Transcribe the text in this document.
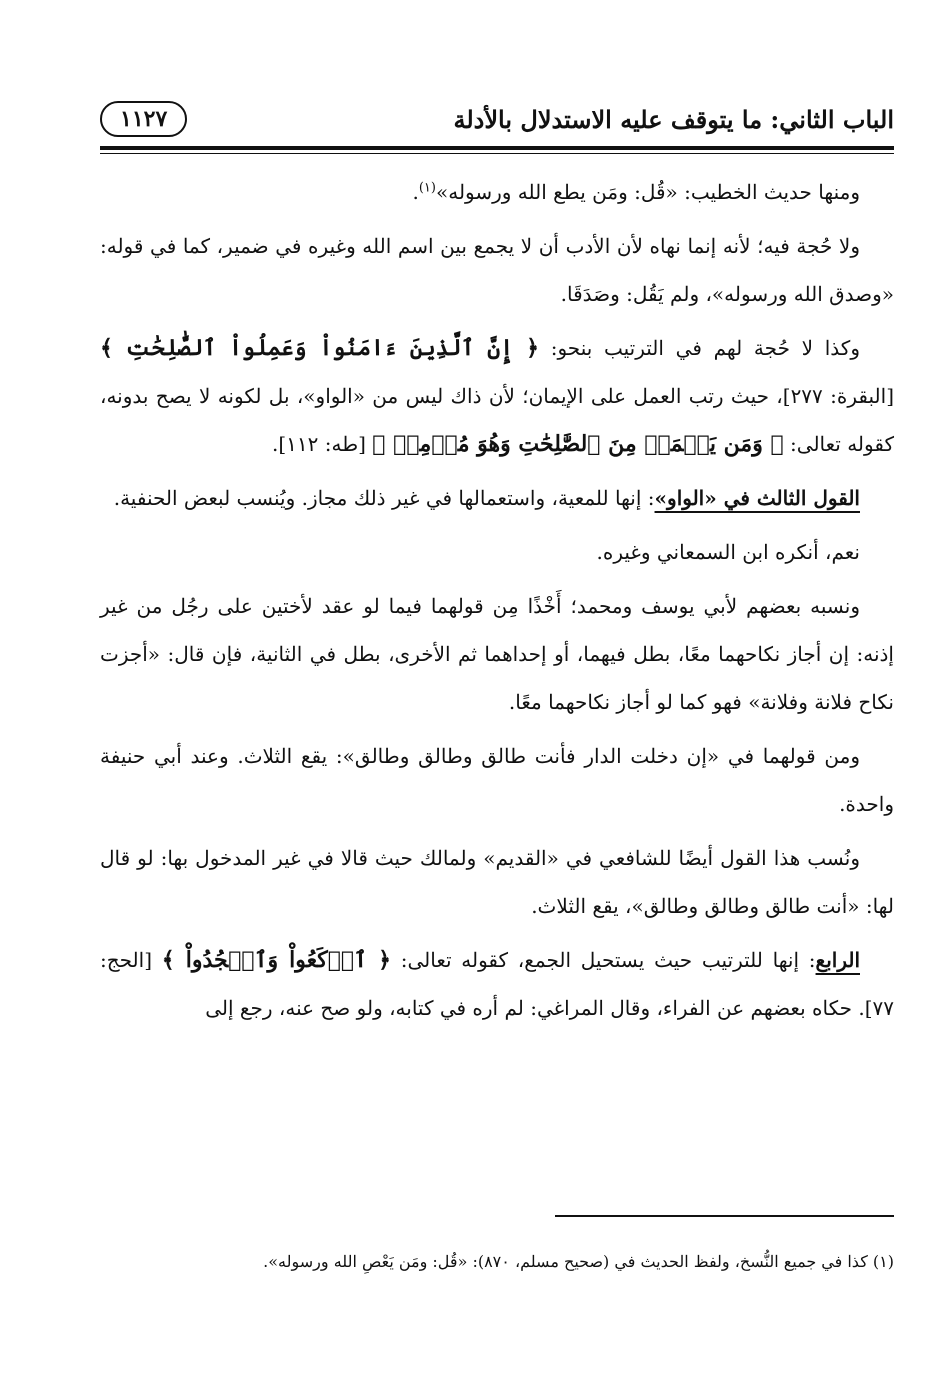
الباب الثاني: ما يتوقف عليه الاستدلال بالأدلة
١١٢٧

ومنها حديث الخطيب: «قُل: ومَن يطع الله ورسوله»$^{(١)}$.

ولا حُجة فيه؛ لأنه إنما نهاه لأن الأدب أن لا يجمع بين اسم الله وغيره في ضمير، كما في قوله: «وصدق الله ورسوله»، ولم يَقُل: وصَدَقَا.

وكذا لا حُجة لهم في الترتيب بنحو: ﴿ إِنَّ ٱلَّذِينَ ءَامَنُواْ وَعَمِلُواْ ٱلصَّٰلِحَٰتِ ﴾ [البقرة: ٢٧٧]، حيث رتب العمل على الإيمان؛ لأن ذاك ليس من «الواو»، بل لكونه لا يصح بدونه، كقوله تعالى: ﴿ وَمَن يَعۡمَلۡ مِنَ ٱلصَّٰلِحَٰتِ وَهُوَ مُؤۡمِنٞ ﴾ [طه: ١١٢].

القول الثالث في «الواو»: إنها للمعية، واستعمالها في غير ذلك مجاز. ويُنسب لبعض الحنفية.

نعم، أنكره ابن السمعاني وغيره.

ونسبه بعضهم لأبي يوسف ومحمد؛ أَخْذًا مِن قولهما فيما لو عقد لأختين على رجُل من غير إذنه: إن أجاز نكاحهما معًا، بطل فيهما، أو إحداهما ثم الأخرى، بطل في الثانية، فإن قال: «أجزت نكاح فلانة وفلانة» فهو كما لو أجاز نكاحهما معًا.

ومن قولهما في «إن دخلت الدار فأنت طالق وطالق وطالق»: يقع الثلاث. وعند أبي حنيفة واحدة.

ونُسب هذا القول أيضًا للشافعي في «القديم» ولمالك حيث قالا في غير المدخول بها: لو قال لها: «أنت طالق وطالق وطالق»، يقع الثلاث.

الرابع: إنها للترتيب حيث يستحيل الجمع، كقوله تعالى: ﴿ ٱرۡكَعُواْ وَٱسۡجُدُواْ ﴾ [الحج: ٧٧]. حكاه بعضهم عن الفراء، وقال المراغي: لم أره في كتابه، ولو صح عنه، رجع إلى

(١) كذا في جميع النُّسخ، ولفظ الحديث في (صحيح مسلم، ٨٧٠): «قُل: ومَن يَعْصِ الله ورسوله».
